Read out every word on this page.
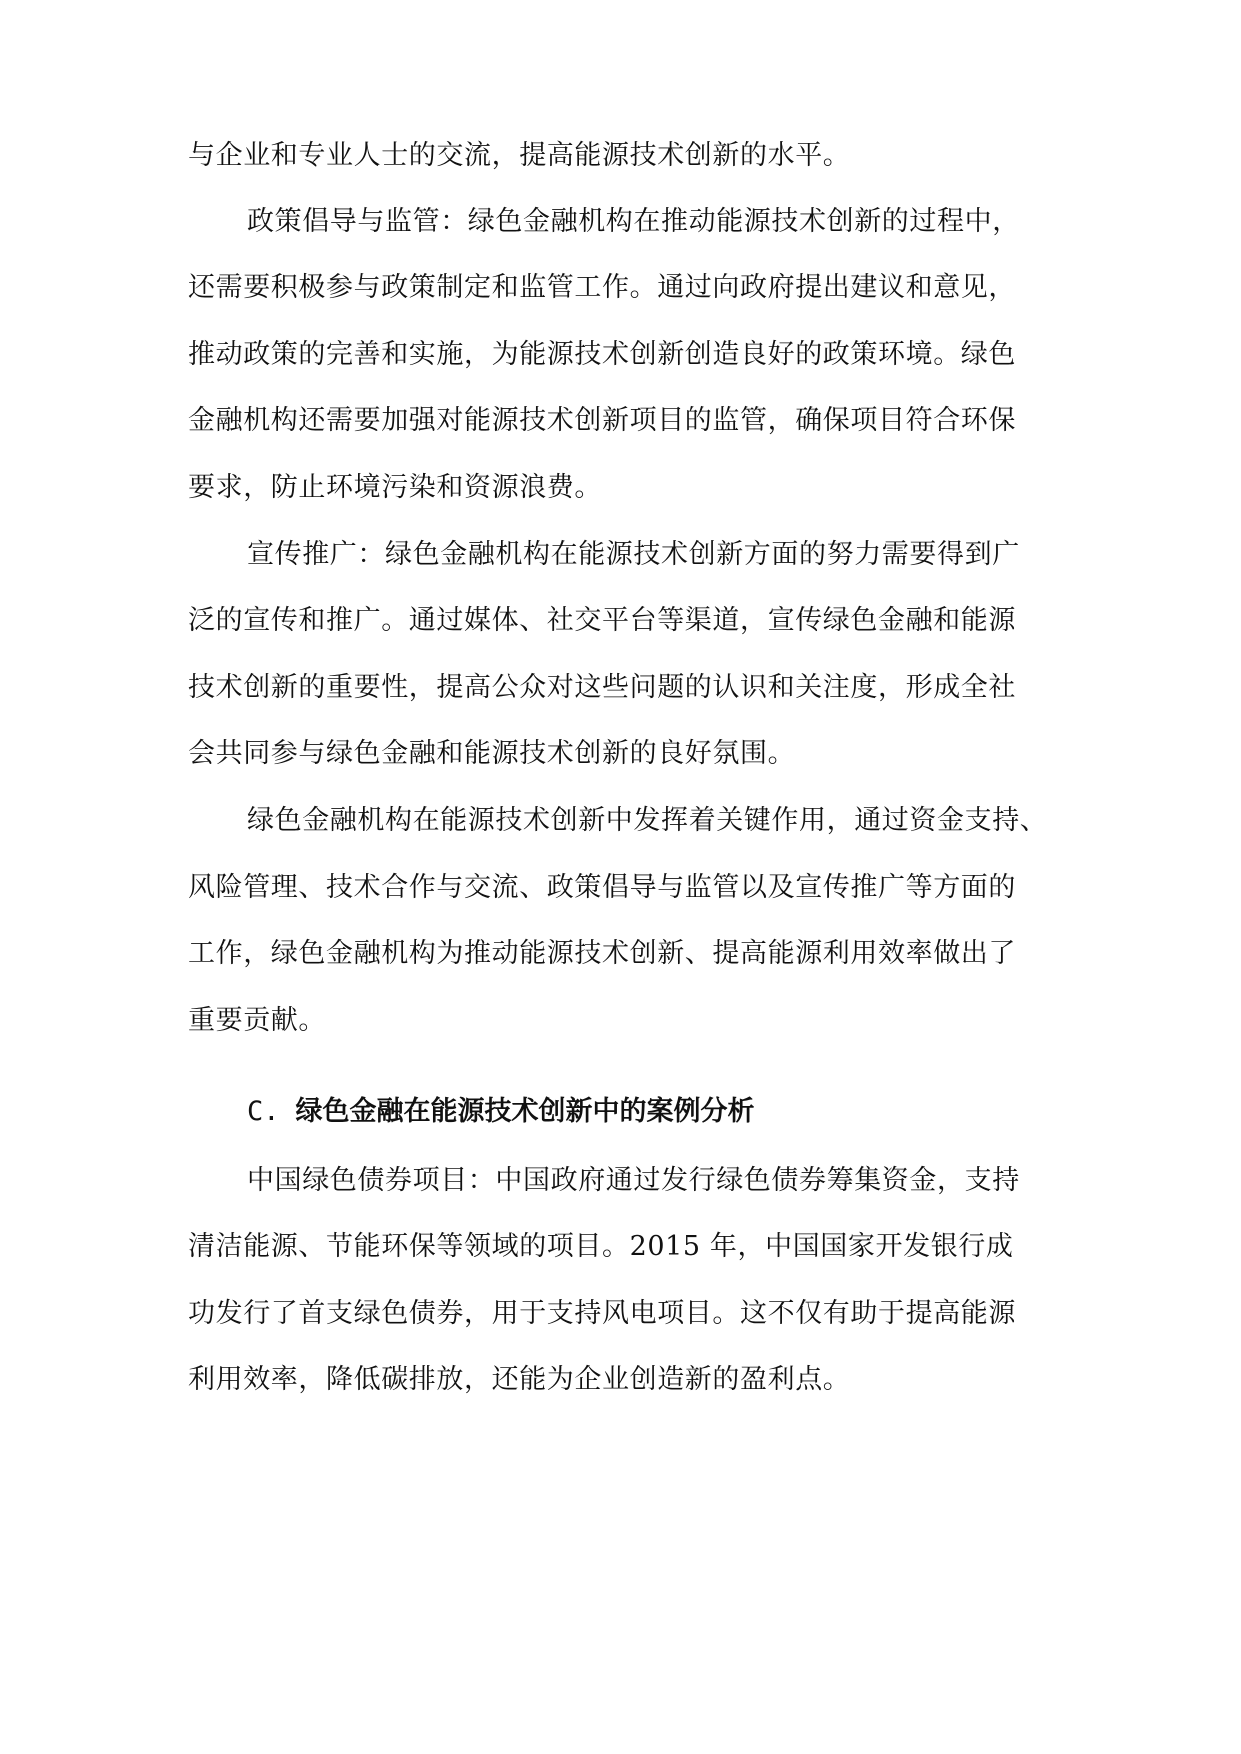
与企业和专业人士的交流，提高能源技术创新的水平。
政策倡导与监管：绿色金融机构在推动能源技术创新的过程中，
还需要积极参与政策制定和监管工作。通过向政府提出建议和意见，
推动政策的完善和实施，为能源技术创新创造良好的政策环境。绿色
金融机构还需要加强对能源技术创新项目的监管，确保项目符合环保
要求，防止环境污染和资源浪费。
宣传推广：绿色金融机构在能源技术创新方面的努力需要得到广
泛的宣传和推广。通过媒体、社交平台等渠道，宣传绿色金融和能源
技术创新的重要性，提高公众对这些问题的认识和关注度，形成全社
会共同参与绿色金融和能源技术创新的良好氛围。
绿色金融机构在能源技术创新中发挥着关键作用，通过资金支持、
风险管理、技术合作与交流、政策倡导与监管以及宣传推广等方面的
工作，绿色金融机构为推动能源技术创新、提高能源利用效率做出了
重要贡献。
C. 绿色金融在能源技术创新中的案例分析
中国绿色债券项目：中国政府通过发行绿色债券筹集资金，支持
清洁能源、节能环保等领域的项目。2015 年，中国国家开发银行成
功发行了首支绿色债券，用于支持风电项目。这不仅有助于提高能源
利用效率，降低碳排放，还能为企业创造新的盈利点。
